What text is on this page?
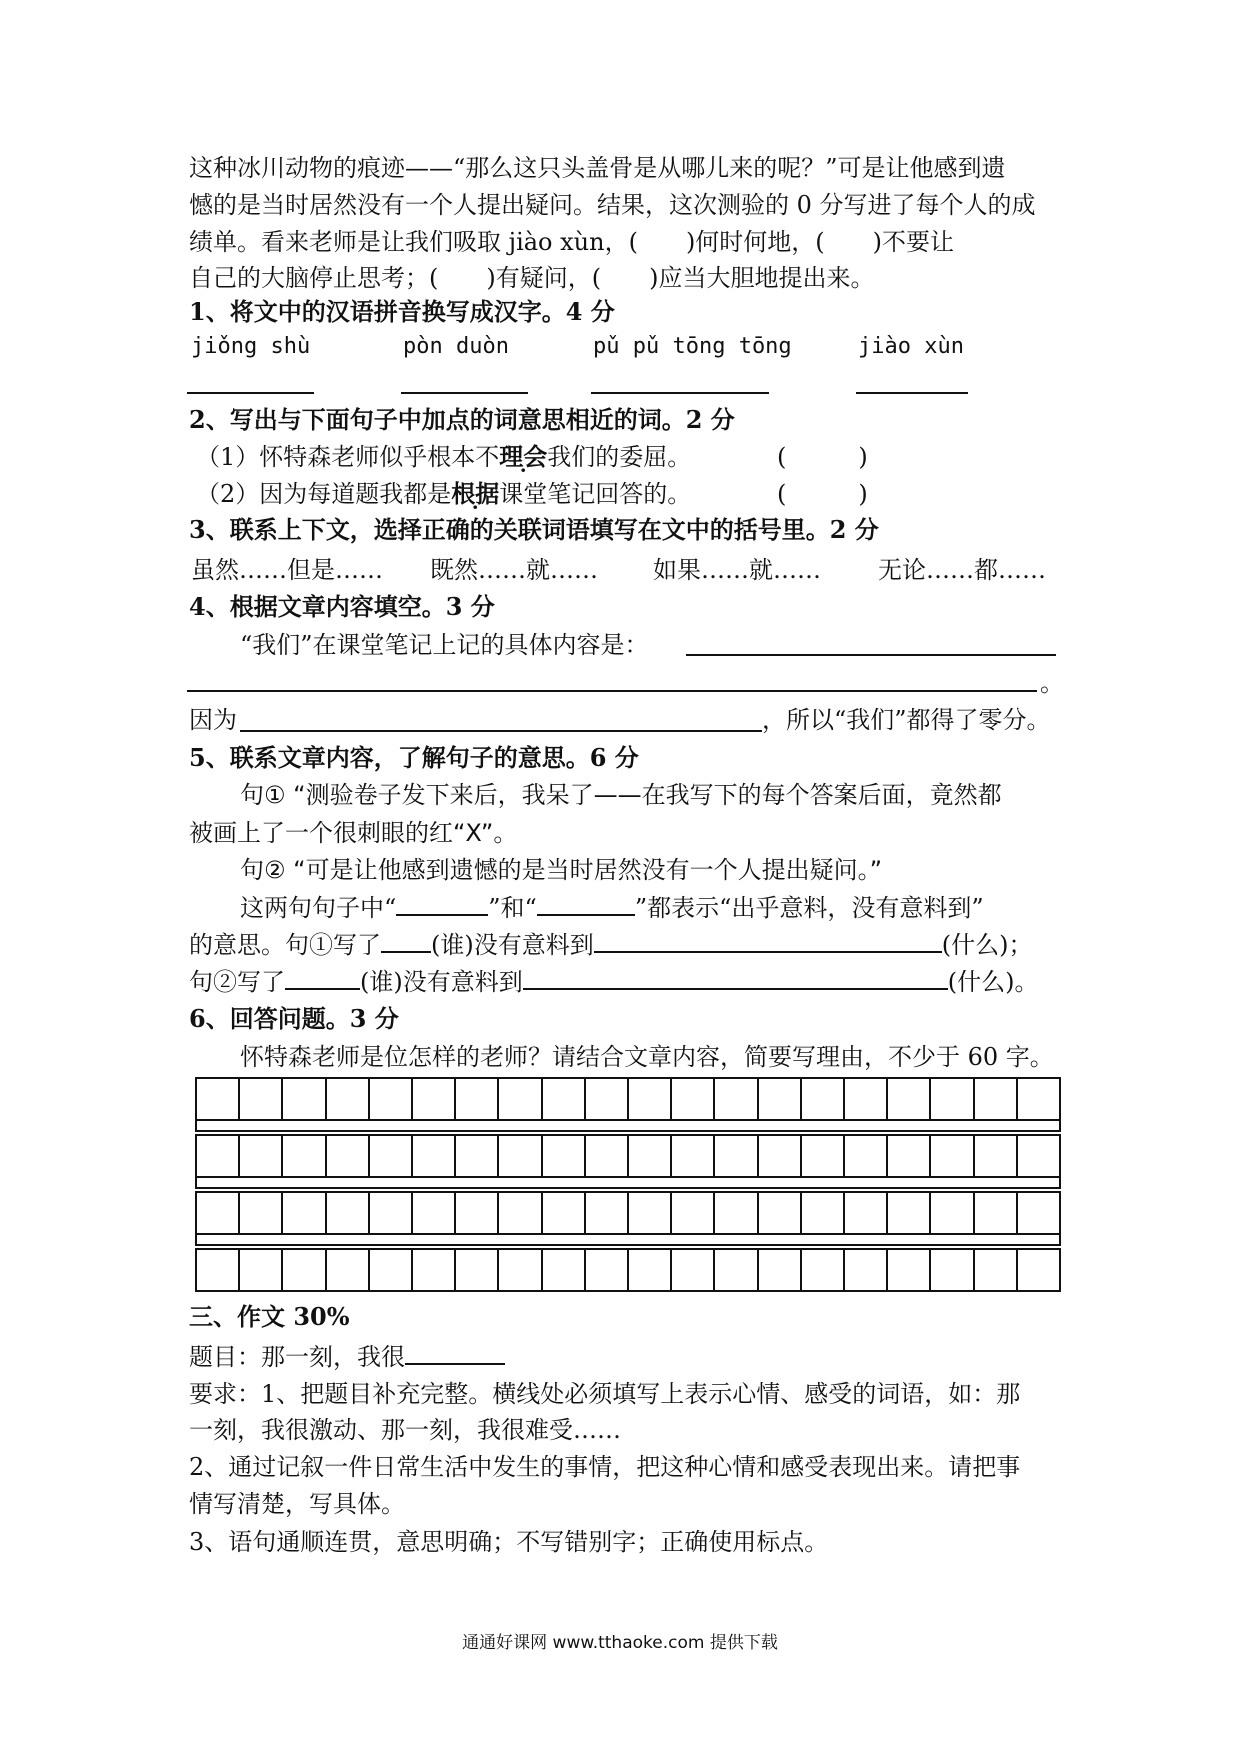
这种冰川动物的痕迹——“那么这只头盖骨是从哪儿来的呢？”可是让他感到遗
憾的是当时居然没有一个人提出疑问。结果，这次测验的 0 分写进了每个人的成
绩单。看来老师是让我们吸取 jiào xùn，(　　)何时何地，(　　)不要让
自己的大脑停止思考；(　　)有疑问，(　　)应当大胆地提出来。
1、将文中的汉语拼音换写成汉字。4 分
jiǒng shù	pòn duòn	pǔ pǔ tōng tōng	jiào xùn
2、写出与下面句子中加点的词意思相近的词。2 分
（1）怀特森老师似乎根本不理会我们的委屈。	(　　　)
（2）因为每道题我都是根据课堂笔记回答的。	(　　　)
3、联系上下文，选择正确的关联词语填写在文中的括号里。2 分
虽然……但是…… 既然……就…… 如果……就…… 无论……都……
4、根据文章内容填空。3 分
“我们”在课堂笔记上记的具体内容是：
。
因为	，所以“我们”都得了零分。
5、联系文章内容，了解句子的意思。6 分
句① “测验卷子发下来后，我呆了——在我写下的每个答案后面，竟然都
被画上了一个很刺眼的红“X”。
句② “可是让他感到遗憾的是当时居然没有一个人提出疑问。”
这两句句子中“	”和“	”都表示“出乎意料，没有意料到”
的意思。句①写了 (谁)没有意料到	(什么)；
句②写了	(谁)没有意料到	(什么)。
6、回答问题。3 分
怀特森老师是位怎样的老师？请结合文章内容，简要写理由，不少于 60 字。
三、作文 30%
题目：那一刻，我很
要求：1、把题目补充完整。横线处必须填写上表示心情、感受的词语，如：那
一刻，我很激动、那一刻，我很难受……
2、通过记叙一件日常生活中发生的事情，把这种心情和感受表现出来。请把事
情写清楚，写具体。
3、语句通顺连贯，意思明确；不写错别字；正确使用标点。
通通好课网 www.tthaoke.com 提供下载
